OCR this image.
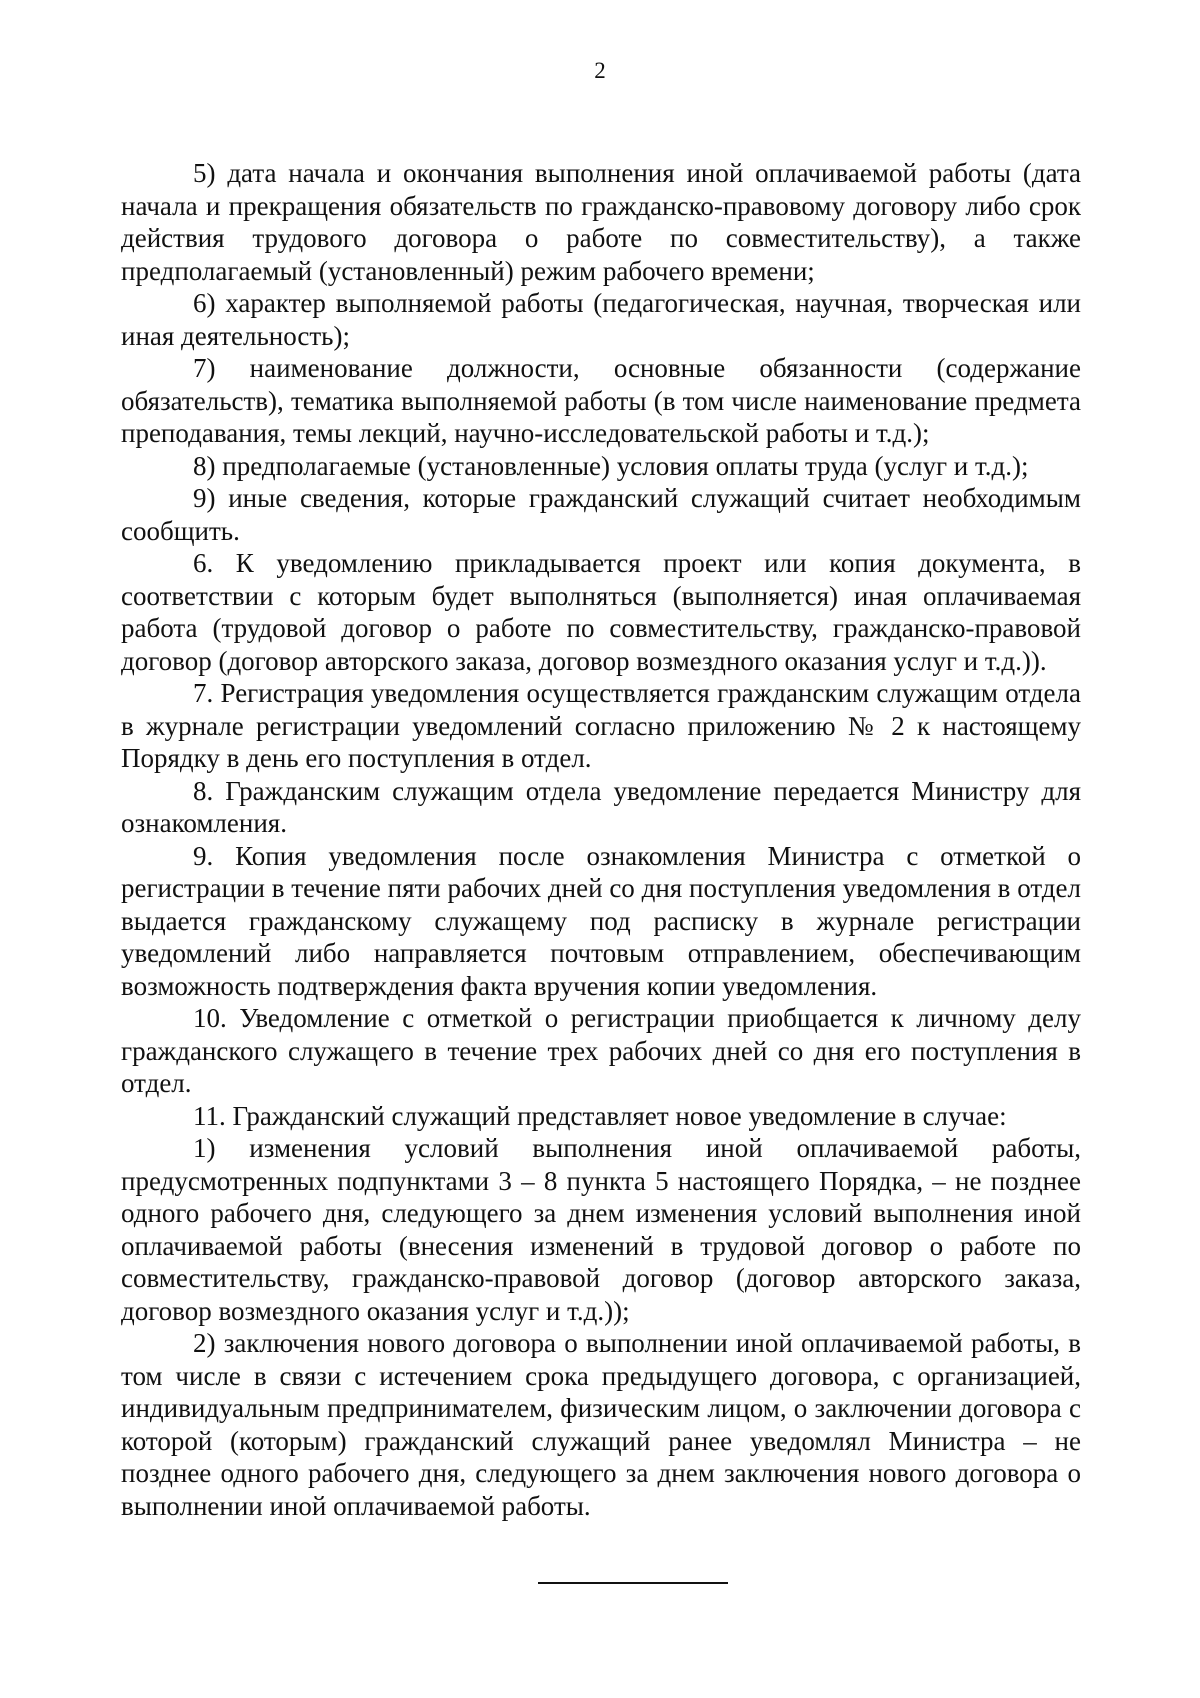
2

5) дата начала и окончания выполнения иной оплачиваемой работы (дата начала и прекращения обязательств по гражданско-правовому договору либо срок действия трудового договора о работе по совместительству), а также предполагаемый (установленный) режим рабочего времени;

6) характер выполняемой работы (педагогическая, научная, творческая или иная деятельность);

7) наименование должности, основные обязанности (содержание обязательств), тематика выполняемой работы (в том числе наименование предмета преподавания, темы лекций, научно-исследовательской работы и т.д.);

8) предполагаемые (установленные) условия оплаты труда (услуг и т.д.);

9) иные сведения, которые гражданский служащий считает необходимым сообщить.

6. К уведомлению прикладывается проект или копия документа, в соответствии с которым будет выполняться (выполняется) иная оплачиваемая работа (трудовой договор о работе по совместительству, гражданско-правовой договор (договор авторского заказа, договор возмездного оказания услуг и т.д.)).

7. Регистрация уведомления осуществляется гражданским служащим отдела в журнале регистрации уведомлений согласно приложению № 2 к настоящему Порядку в день его поступления в отдел.

8. Гражданским служащим отдела уведомление передается Министру для ознакомления.

9. Копия уведомления после ознакомления Министра с отметкой о регистрации в течение пяти рабочих дней со дня поступления уведомления в отдел выдается гражданскому служащему под расписку в журнале регистрации уведомлений либо направляется почтовым отправлением, обеспечивающим возможность подтверждения факта вручения копии уведомления.

10. Уведомление с отметкой о регистрации приобщается к личному делу гражданского служащего в течение трех рабочих дней со дня его поступления в отдел.

11. Гражданский служащий представляет новое уведомление в случае:

1) изменения условий выполнения иной оплачиваемой работы, предусмотренных подпунктами 3 – 8 пункта 5 настоящего Порядка, – не позднее одного рабочего дня, следующего за днем изменения условий выполнения иной оплачиваемой работы (внесения изменений в трудовой договор о работе по совместительству, гражданско-правовой договор (договор авторского заказа, договор возмездного оказания услуг и т.д.));

2) заключения нового договора о выполнении иной оплачиваемой работы, в том числе в связи с истечением срока предыдущего договора, с организацией, индивидуальным предпринимателем, физическим лицом, о заключении договора с которой (которым) гражданский служащий ранее уведомлял Министра – не позднее одного рабочего дня, следующего за днем заключения нового договора о выполнении иной оплачиваемой работы.
